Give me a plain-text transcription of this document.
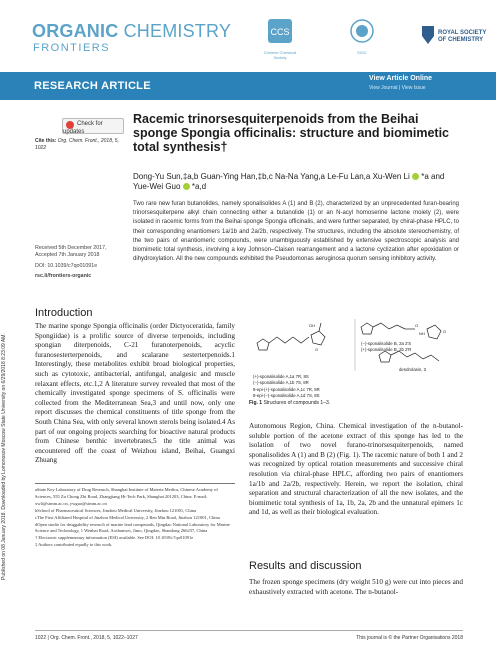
ORGANIC CHEMISTRY
FRONTIERS
CCS
Chinese Chemical Society
SIOC
ROYAL SOCIETY
OF CHEMISTRY
RESEARCH ARTICLE
View Article Online
View Journal | View Issue
Published on 08 January 2018. Downloaded by Lomonosov Moscow State University on 6/29/2018 8:23:09 AM.
Check for updates
Cite this: Org. Chem. Front., 2018, 5, 1022
Racemic trinorsesquiterpenoids from the Beihai sponge Spongia officinalis: structure and biomimetic total synthesis†
Dong-Yu Sun,‡a,b Guan-Ying Han,‡b,c Na-Na Yang,a Le-Fu Lan,a Xu-Wen Li  *a and
Yue-Wei Guo  *a,d
Two rare new furan butanolides, namely sponalisolides A (1) and B (2), characterized by an unprecedented furan-bearing trinorsesquiterpene alkyl chain connecting either a butanolide (1) or an N-acyl homoserine lactone moiety (2), were isolated in racemic forms from the Beihai sponge Spongia officinalis, and were further separated, by chiral-phase HPLC, to their corresponding enantiomers 1a/1b and 2a/2b, respectively. The structures, including the absolute stereochemistry, of the two pairs of enantiomeric compounds, were unambiguously established by extensive spectroscopic analysis and biomimetic total synthesis, involving a key Johnson–Claisen rearrangement and a lactone cyclization after epoxidation or dihydroxylation. All the new compounds exhibited the Pseudomonas aeruginosa quorum sensing inhibitory activity.
Received 5th December 2017,
Accepted 7th January 2018
DOI: 10.1039/c7qo01091e
rsc.li/frontiers-organic
Introduction
The marine sponge Spongia officinalis (order Dictyoceratida, family Spongiidae) is a prolific source of diverse terpenoids, including spongian diterpenoids, C-21 furanoterpenoids, acyclic furanosesterterpenoids, and scalarane sesterterpenoids.1 Interestingly, these metabolites exhibit broad biological properties, such as cytotoxic, antibacterial, antifungal, analgesic and muscle relaxant effects, etc.1,2 A literature survey revealed that most of the chemically investigated sponge specimens of S. officinalis were collected from the Mediterranean Sea,3 and until now, only one report discusses the chemical constituents of title sponge from the South China Sea, with only several known sterols being isolated.4 As part of our ongoing projects searching for bioactive natural products from Chinese benthic invertebrates,5 the title animal was encountered off the coast of Weizhou island, Beihai, Guangxi Zhuang
aState Key Laboratory of Drug Research, Shanghai Institute of Materia Medica, Chinese Academy of Sciences, 555 Zu Chong Zhi Road, Zhangjiang Hi-Tech Park, Shanghai 201203, China. E-mail: xwli@simm.ac.cn, ywguo@simm.ac.cn
bSchool of Pharmaceutical Sciences, Jinzhou Medical University, Jinzhou 121001, China
cThe First Affiliated Hospital of Jinzhou Medical University, 2 Ren Min Road, Jinzhou 121001, China
dOpen studio for druggability research of marine lead compounds, Qingdao National Laboratory for Marine Science and Technology, 1 Wenhai Road, Aoshanwei, Jimo, Qingdao, Shandong 266237, China
† Electronic supplementary information (ESI) available. See DOI: 10.1039/c7qo01091e
‡ Authors contributed equally to this work.
O
OH	O
NH	O
(+)-sponalisolide A,1a 7R, 8S
(−)-sponalisolide A,1b 7S, 8R
8-epi-(+)-sponalisolide A,1c 7R, 8R
8-epi-(−)-sponalisolide A,1d 7S, 8S
(−)-sponalisolide B, 2a 2'S
(+)-sponalisolide B, 2b 2'R
dendrolasin, 3
Fig. 1 Structures of compounds 1–3.
Autonomous Region, China. Chemical investigation of the n-butanol-soluble portion of the acetone extract of this sponge has led to the isolation of two novel furano-trinorsesquiterpenoids, named sponalisolides A (1) and B (2) (Fig. 1). The racemic nature of both 1 and 2 was recognized by optical rotation measurements and successive chiral resolution via chiral-phase HPLC, affording two pairs of enantiomers 1a/1b and 2a/2b, respectively. Herein, we report the isolation, chiral separation and structural characterization of all the new isolates, and the biomimetic total synthesis of 1a, 1b, 2a, 2b and the unnatural epimers 1c and 1d, as well as their biological evaluation.
Results and discussion
The frozen sponge specimens (dry weight 510 g) were cut into pieces and exhaustively extracted with acetone. The n-butanol-
1022 | Org. Chem. Front., 2018, 5, 1022–1027	This journal is © the Partner Organisations 2018
